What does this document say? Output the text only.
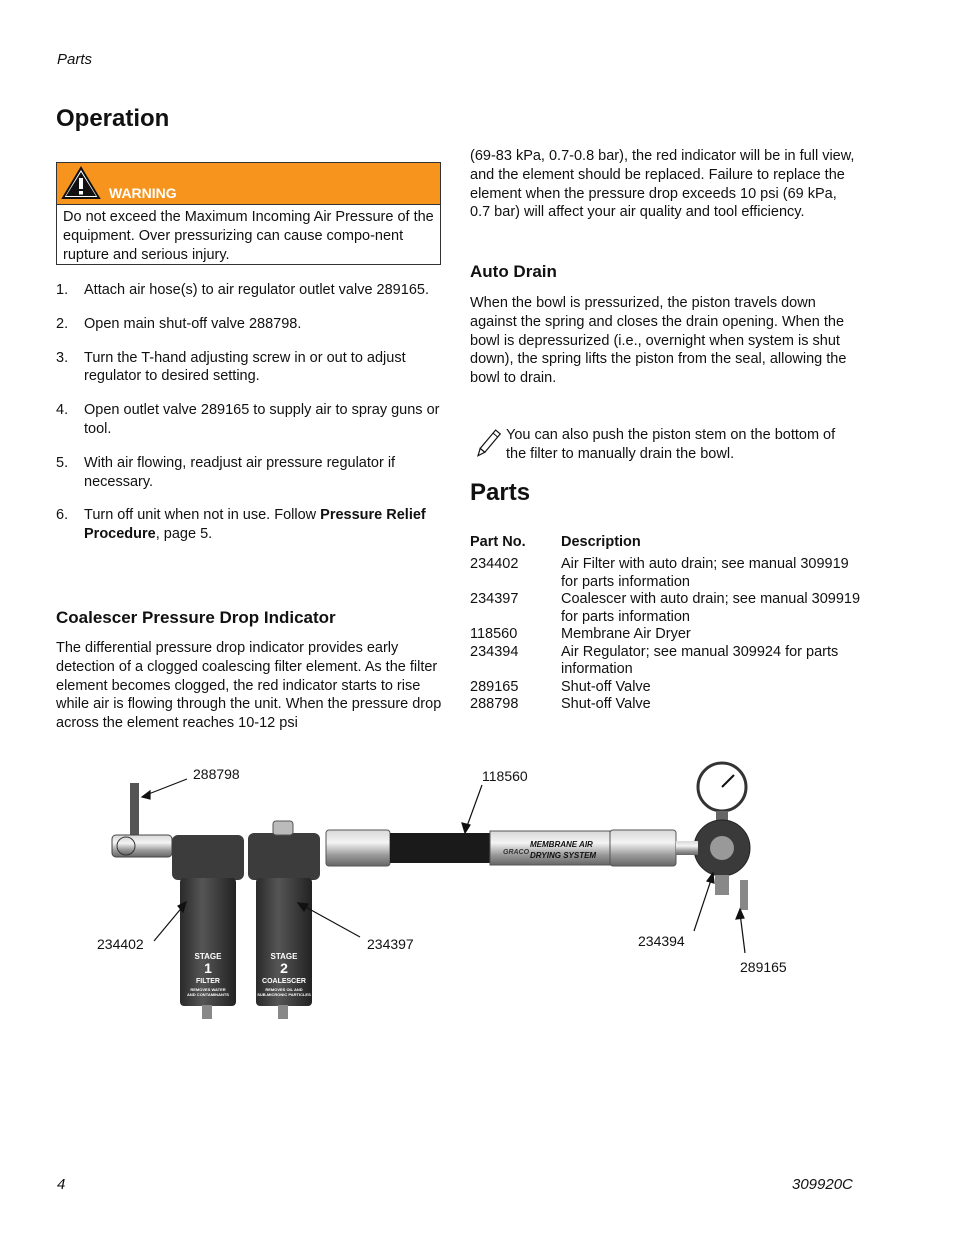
Parts
Operation
WARNING
Do not exceed the Maximum Incoming Air Pressure of the equipment. Over pressurizing can cause compo-nent rupture and serious injury.
1. Attach air hose(s) to air regulator outlet valve 289165.
2. Open main shut-off valve 288798.
3. Turn the T-hand adjusting screw in or out to adjust regulator to desired setting.
4. Open outlet valve 289165 to supply air to spray guns or tool.
5. With air flowing, readjust air pressure regulator if necessary.
6. Turn off unit when not in use. Follow Pressure Relief Procedure, page 5.
Coalescer Pressure Drop Indicator

The differential pressure drop indicator provides early detection of a clogged coalescing filter element. As the filter element becomes clogged, the red indicator starts to rise while air is flowing through the unit. When the pressure drop across the element reaches 10-12 psi

(69-83 kPa, 0.7-0.8 bar), the red indicator will be in full view, and the element should be replaced. Failure to replace the element when the pressure drop exceeds 10 psi (69 kPa, 0.7 bar) will affect your air quality and tool efficiency.

Auto Drain

When the bowl is pressurized, the piston travels down against the spring and closes the drain opening. When the bowl is depressurized (i.e., overnight when system is shut down), the spring lifts the piston from the seal, allowing the bowl to drain.

You can also push the piston stem on the bottom of the filter to manually drain the bowl.
Parts
Part No.	Description
234402	Air Filter with auto drain; see manual 309919 for parts information
234397	Coalescer with auto drain; see manual 309919 for parts information
118560	Membrane Air Dryer
234394	Air Regulator; see manual 309924 for parts information
289165	Shut-off Valve
288798	Shut-off Valve
STAGE
1
FILTER
REMOVES WATER
AND CONTAMINANTS
STAGE
2
COALESCER
REMOVES OIL AND
SUB-MICRONIC PARTICLES
GRACO
MEMBRANE AIR
DRYING SYSTEM
288798	118560
234402	234397	234394
289165
4	309920C
